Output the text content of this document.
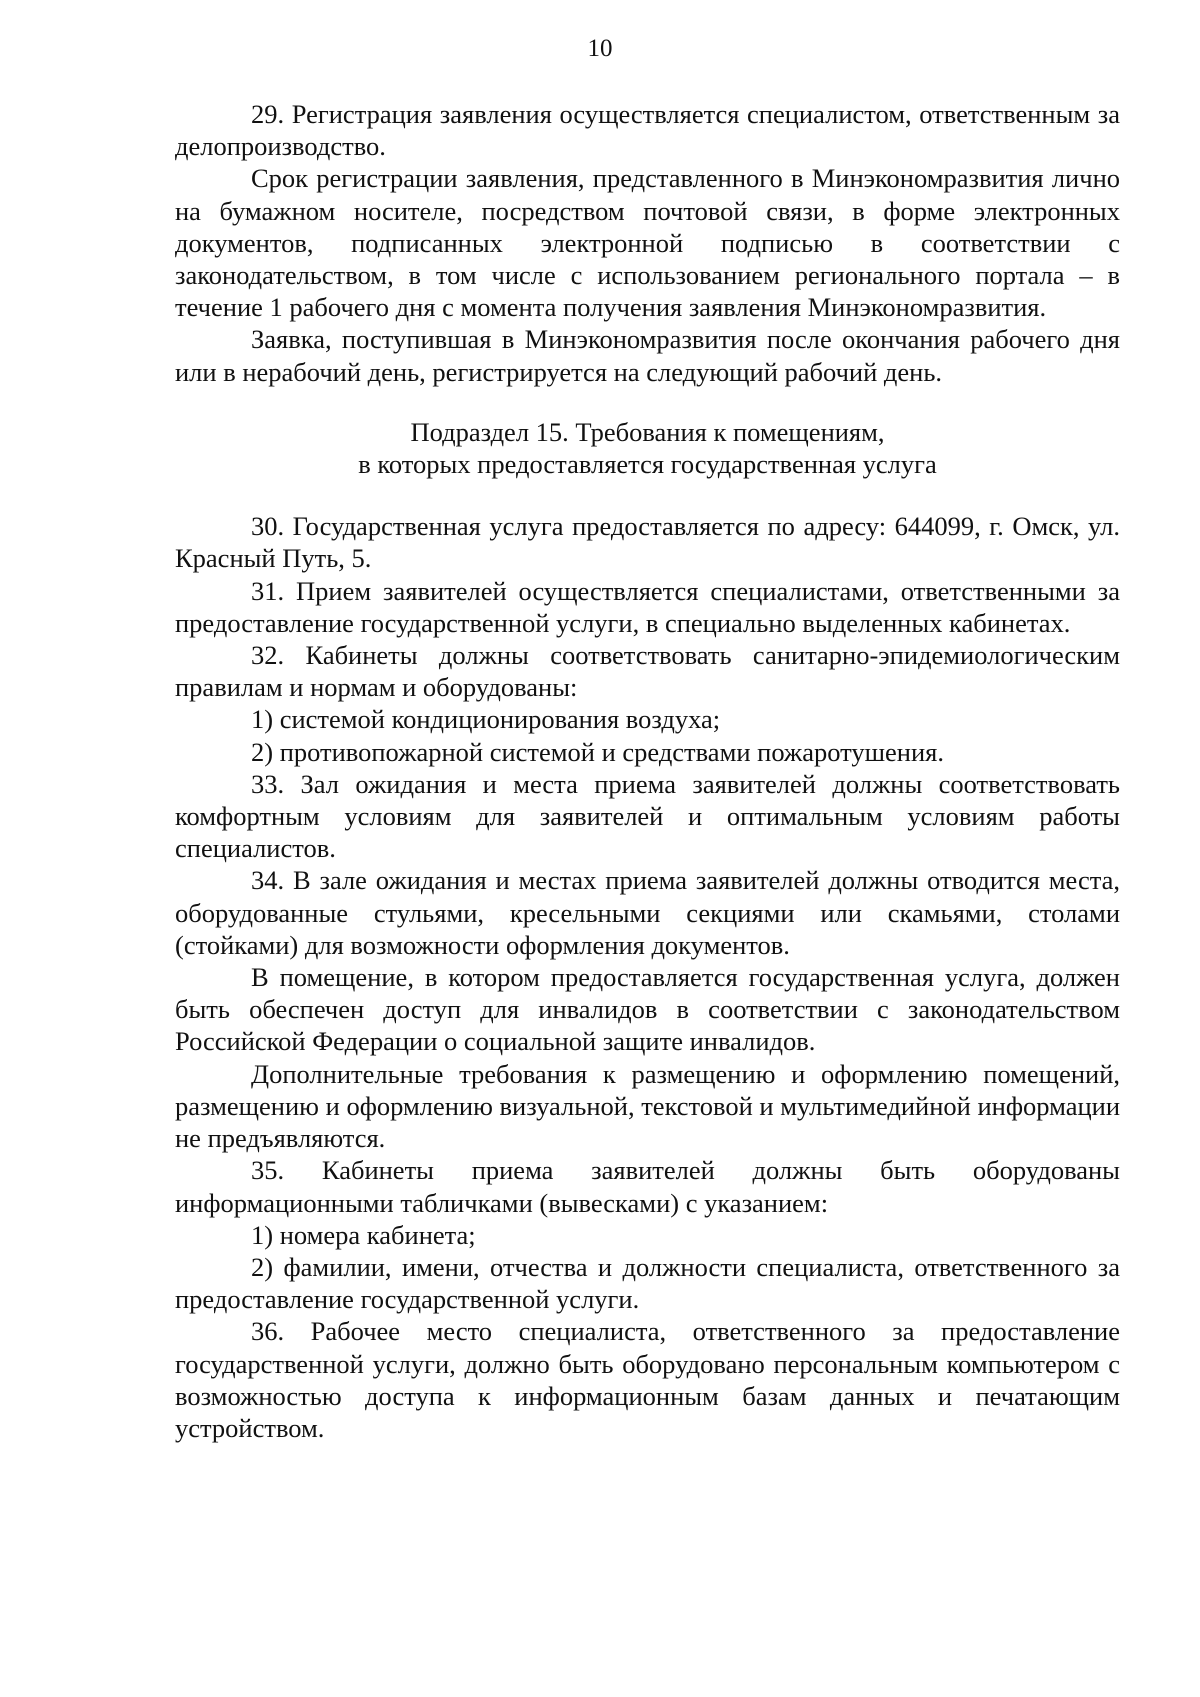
10

29. Регистрация заявления осуществляется специалистом, ответственным за делопроизводство.

Срок регистрации заявления, представленного в Минэкономразвития лично на бумажном носителе, посредством почтовой связи, в форме электронных документов, подписанных электронной подписью в соответствии с законодательством, в том числе с использованием регионального портала – в течение 1 рабочего дня с момента получения заявления Минэкономразвития.

Заявка, поступившая в Минэкономразвития после окончания рабочего дня или в нерабочий день, регистрируется на следующий рабочий день.

Подраздел 15. Требования к помещениям,
в которых предоставляется государственная услуга

30. Государственная услуга предоставляется по адресу: 644099, г. Омск, ул. Красный Путь, 5.

31. Прием заявителей осуществляется специалистами, ответственными за предоставление государственной услуги, в специально выделенных кабинетах.

32. Кабинеты должны соответствовать санитарно-эпидемиологическим правилам и нормам и оборудованы:

1) системой кондиционирования воздуха;

2) противопожарной системой и средствами пожаротушения.

33. Зал ожидания и места приема заявителей должны соответствовать комфортным условиям для заявителей и оптимальным условиям работы специалистов.

34. В зале ожидания и местах приема заявителей должны отводится места, оборудованные стульями, кресельными секциями или скамьями, столами (стойками) для возможности оформления документов.

В помещение, в котором предоставляется государственная услуга, должен быть обеспечен доступ для инвалидов в соответствии с законодательством Российской Федерации о социальной защите инвалидов.

Дополнительные требования к размещению и оформлению помещений, размещению и оформлению визуальной, текстовой и мультимедийной информации не предъявляются.

35. Кабинеты приема заявителей должны быть оборудованы информационными табличками (вывесками) с указанием:

1) номера кабинета;

2) фамилии, имени, отчества и должности специалиста, ответственного за предоставление государственной услуги.

36. Рабочее место специалиста, ответственного за предоставление государственной услуги, должно быть оборудовано персональным компьютером с возможностью доступа к информационным базам данных и печатающим устройством.
